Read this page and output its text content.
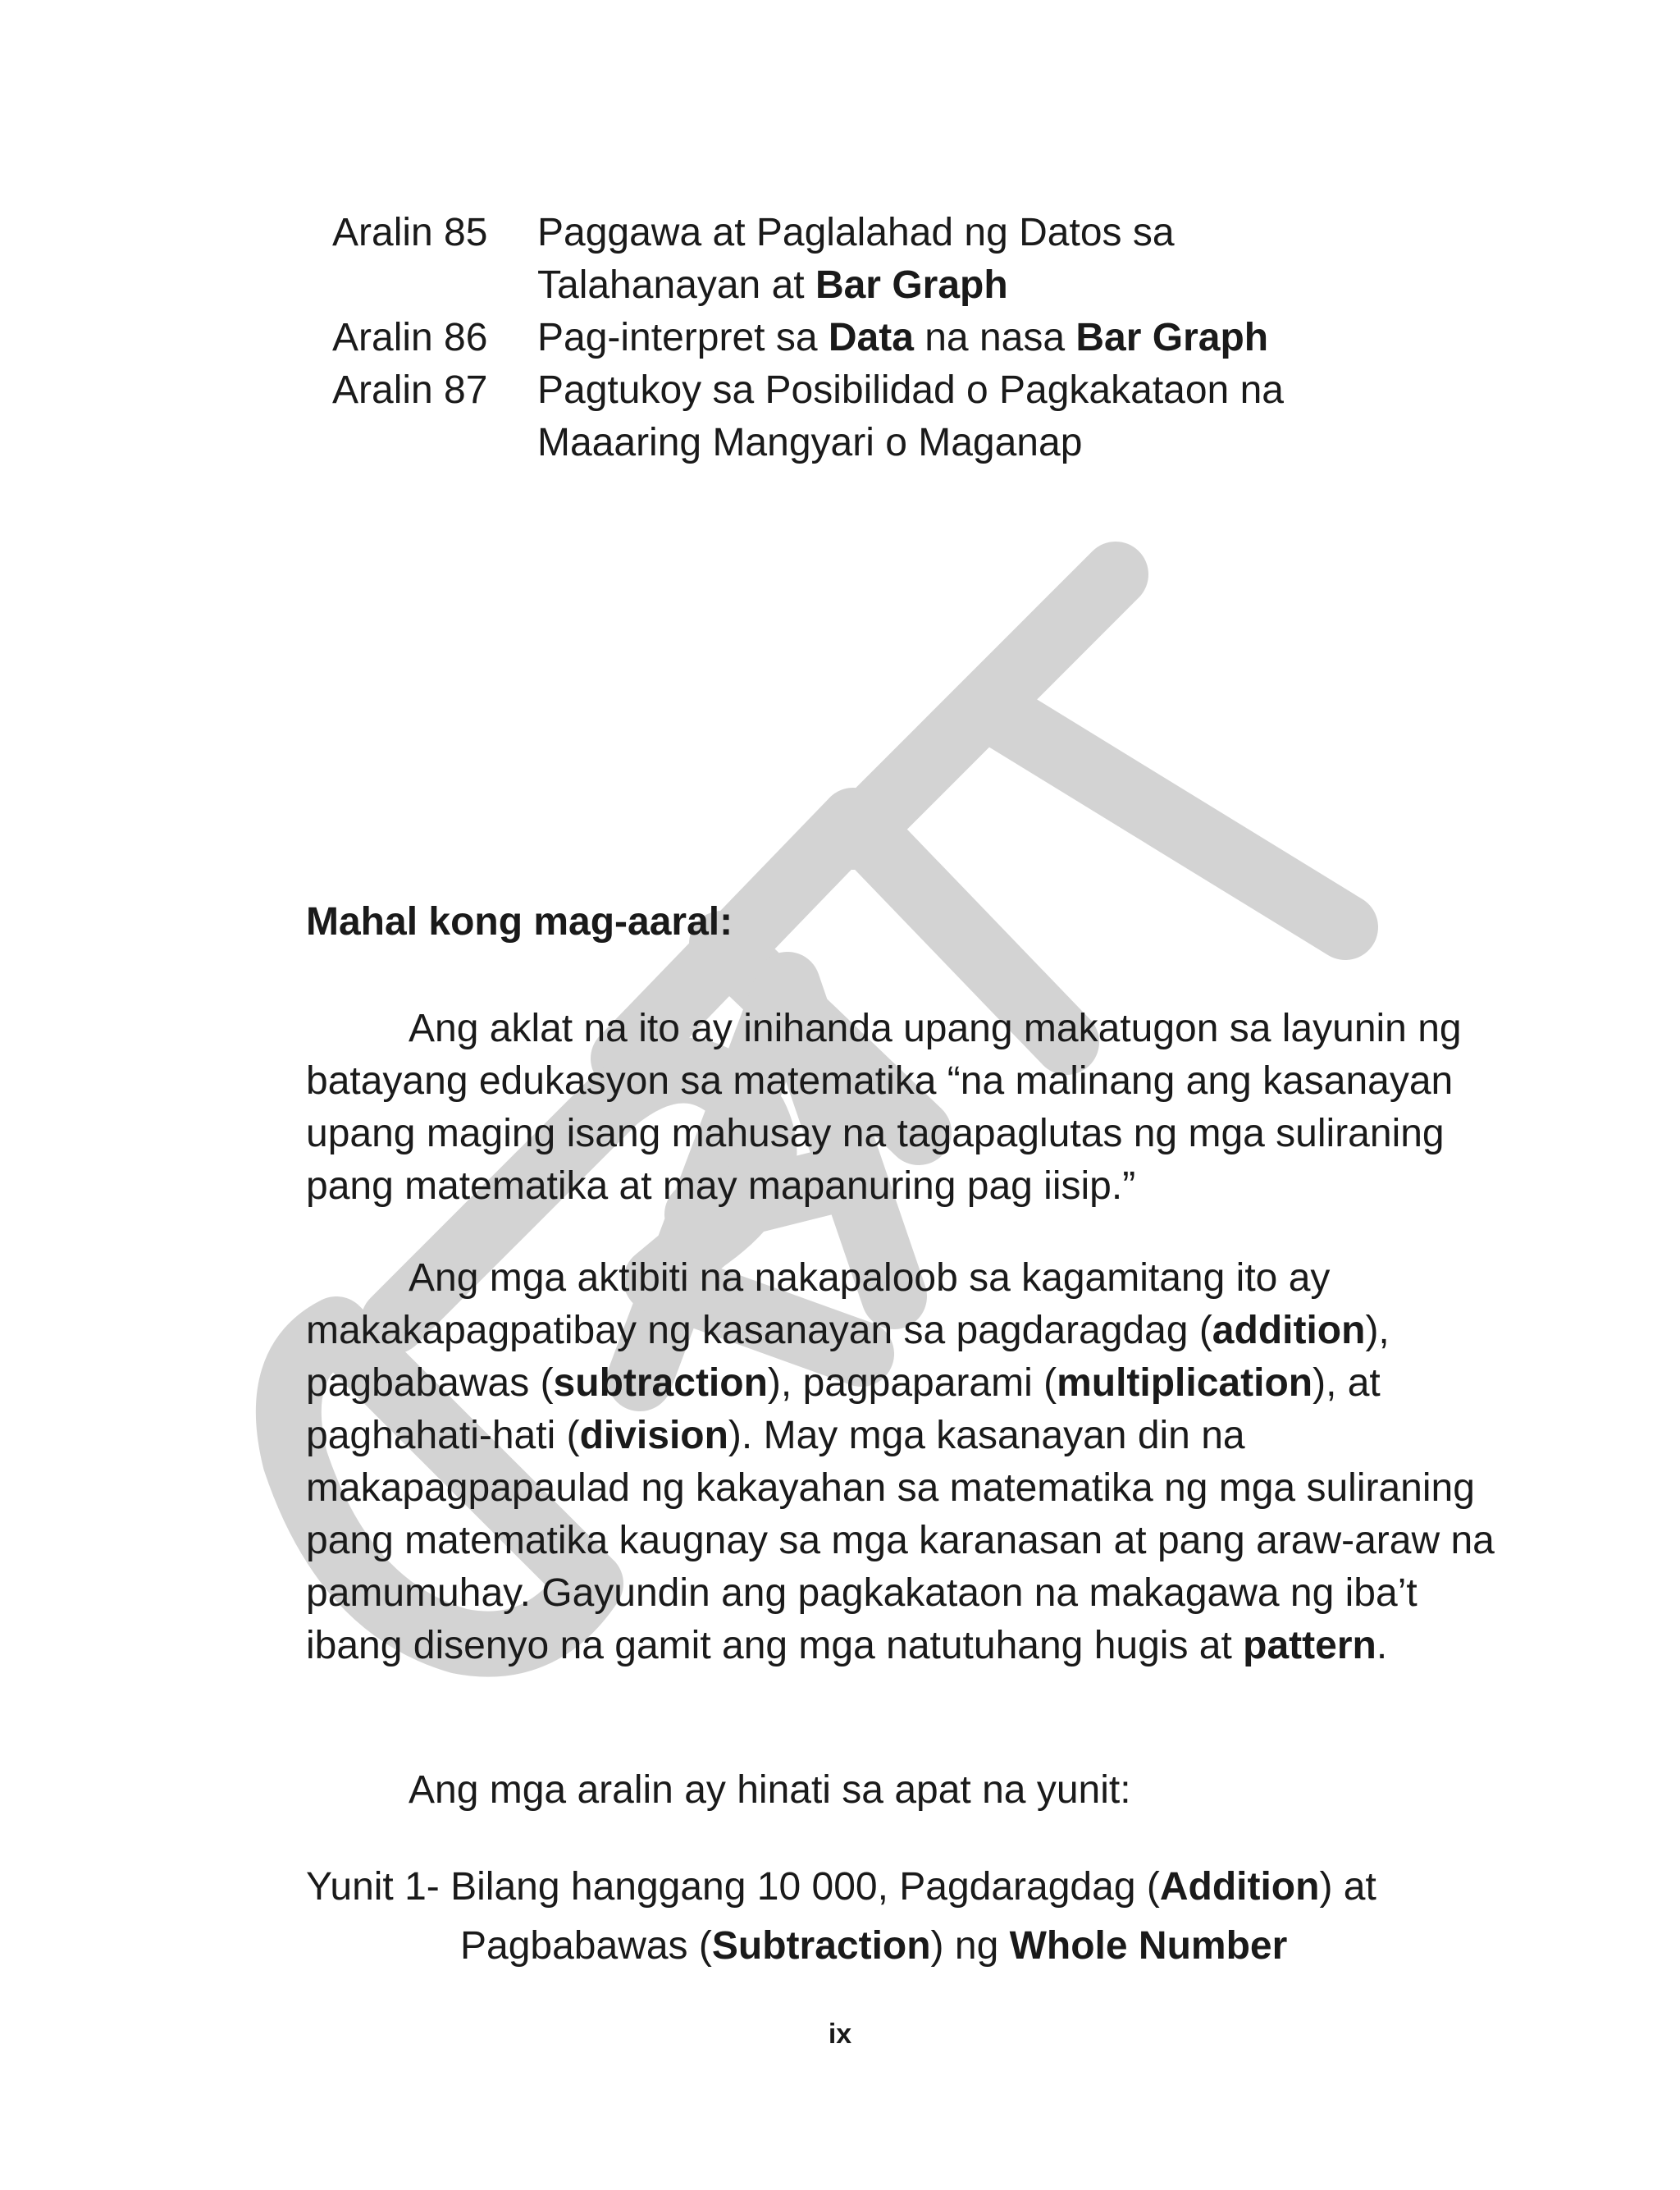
Aralin 85	Paggawa at Paglalahad ng Datos sa
Talahanayan at Bar Graph
Aralin 86	Pag-interpret sa Data na nasa Bar Graph
Aralin 87	Pagtukoy sa Posibilidad o Pagkakataon na
Maaaring Mangyari o Maganap
Mahal kong mag-aaral:

Ang aklat na ito ay inihanda upang makatugon sa layunin ng batayang edukasyon sa matematika “na malinang ang kasanayan upang maging isang mahusay na tagapaglutas ng mga suliraning pang matematika at may mapanuring pag iisip.”

Ang mga aktibiti na nakapaloob sa kagamitang ito ay makakapagpatibay ng kasanayan sa pagdaragdag (addition), pagbabawas (subtraction), pagpaparami (multiplication), at paghahati-hati (division). May mga kasanayan din na makapagpapaulad ng kakayahan sa matematika ng mga suliraning pang matematika kaugnay sa mga karanasan at pang araw-araw na pamumuhay. Gayundin ang pagkakataon na makagawa ng iba’t ibang disenyo na gamit ang mga natutuhang hugis at pattern.

Ang mga aralin ay hinati sa apat na yunit:

Yunit 1- Bilang hanggang 10 000, Pagdaragdag (Addition) at
Pagbabawas (Subtraction) ng Whole Number
ix
